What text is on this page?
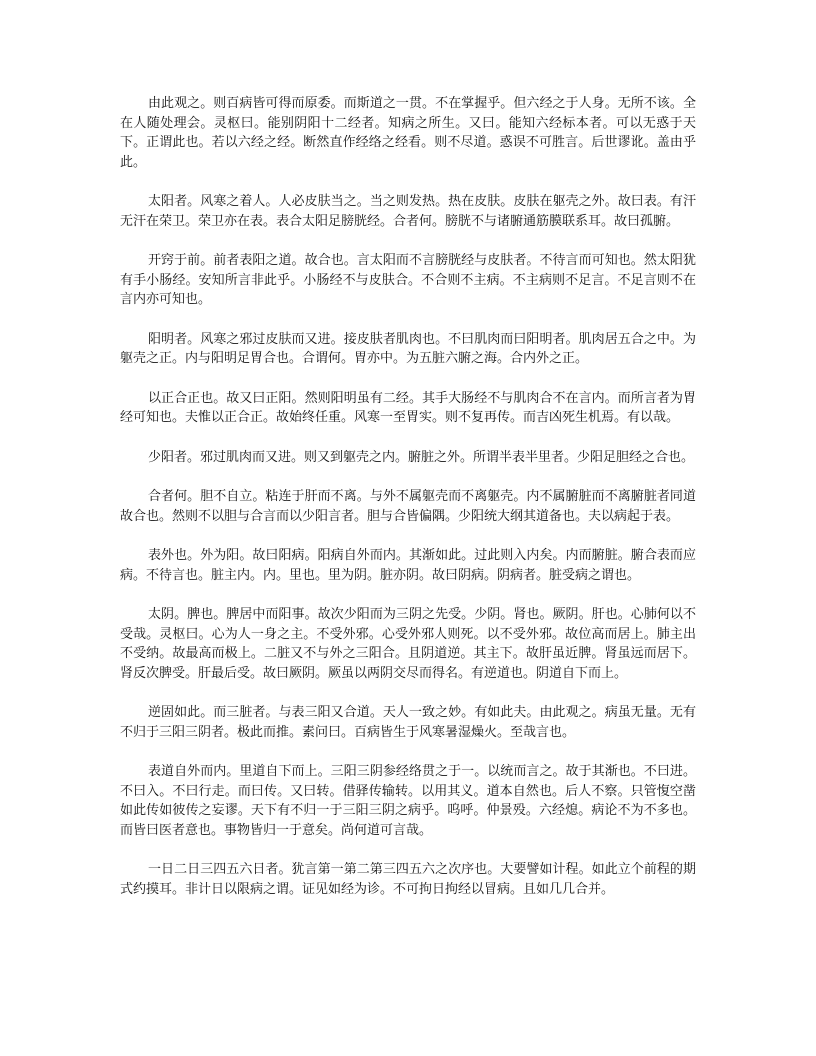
由此观之。则百病皆可得而原委。而斯道之一贯。不在掌握乎。但六经之于人身。无所不该。全在人随处理会。灵枢曰。能别阴阳十二经者。知病之所生。又曰。能知六经标本者。可以无惑于天下。正谓此也。若以六经之经。断然直作经络之经看。则不尽道。惑误不可胜言。后世谬讹。盖由乎此。

太阳者。风寒之着人。人必皮肤当之。当之则发热。热在皮肤。皮肤在躯壳之外。故曰表。有汗无汗在荣卫。荣卫亦在表。表合太阳足膀胱经。合者何。膀胱不与诸腑通筋膜联系耳。故曰孤腑。

开窍于前。前者表阳之道。故合也。言太阳而不言膀胱经与皮肤者。不待言而可知也。然太阳犹有手小肠经。安知所言非此乎。小肠经不与皮肤合。不合则不主病。不主病则不足言。不足言则不在言内亦可知也。

阳明者。风寒之邪过皮肤而又进。接皮肤者肌肉也。不曰肌肉而曰阳明者。肌肉居五合之中。为躯壳之正。内与阳明足胃合也。合谓何。胃亦中。为五脏六腑之海。合内外之正。

以正合正也。故又曰正阳。然则阳明虽有二经。其手大肠经不与肌肉合不在言内。而所言者为胃经可知也。夫惟以正合正。故始终任重。风寒一至胃实。则不复再传。而吉凶死生机焉。有以哉。

少阳者。邪过肌肉而又进。则又到躯壳之内。腑脏之外。所谓半表半里者。少阳足胆经之合也。

合者何。胆不自立。粘连于肝而不离。与外不属躯壳而不离躯壳。内不属腑脏而不离腑脏者同道故合也。然则不以胆与合言而以少阳言者。胆与合皆偏隅。少阳统大纲其道备也。夫以病起于表。

表外也。外为阳。故曰阳病。阳病自外而内。其渐如此。过此则入内矣。内而腑脏。腑合表而应病。不待言也。脏主内。内。里也。里为阴。脏亦阴。故曰阴病。阴病者。脏受病之谓也。

太阴。脾也。脾居中而阳事。故次少阳而为三阴之先受。少阴。肾也。厥阴。肝也。心肺何以不受哉。灵枢曰。心为人一身之主。不受外邪。心受外邪人则死。以不受外邪。故位高而居上。肺主出不受纳。故最高而极上。二脏又不与外之三阳合。且阴道逆。其主下。故肝虽近脾。肾虽远而居下。肾反次脾受。肝最后受。故曰厥阴。厥虽以两阴交尽而得名。有逆道也。阴道自下而上。

逆固如此。而三脏者。与表三阳又合道。天人一致之妙。有如此夫。由此观之。病虽无量。无有不归于三阳三阴者。极此而推。素问曰。百病皆生于风寒暑湿燥火。至哉言也。

表道自外而内。里道自下而上。三阳三阴参经络贯之于一。以统而言之。故于其渐也。不曰进。不曰入。不曰行走。而曰传。又曰转。借驿传输转。以用其义。道本自然也。后人不察。只管愎空凿如此传如彼传之妄谬。天下有不归一于三阳三阴之病乎。呜呼。仲景殁。六经熄。病论不为不多也。而皆曰医者意也。事物皆归一于意矣。尚何道可言哉。

一日二日三四五六日者。犹言第一第二第三四五六之次序也。大要譬如计程。如此立个前程的期式约摸耳。非计日以限病之谓。证见如经为诊。不可拘日拘经以冒病。且如几几合并。
